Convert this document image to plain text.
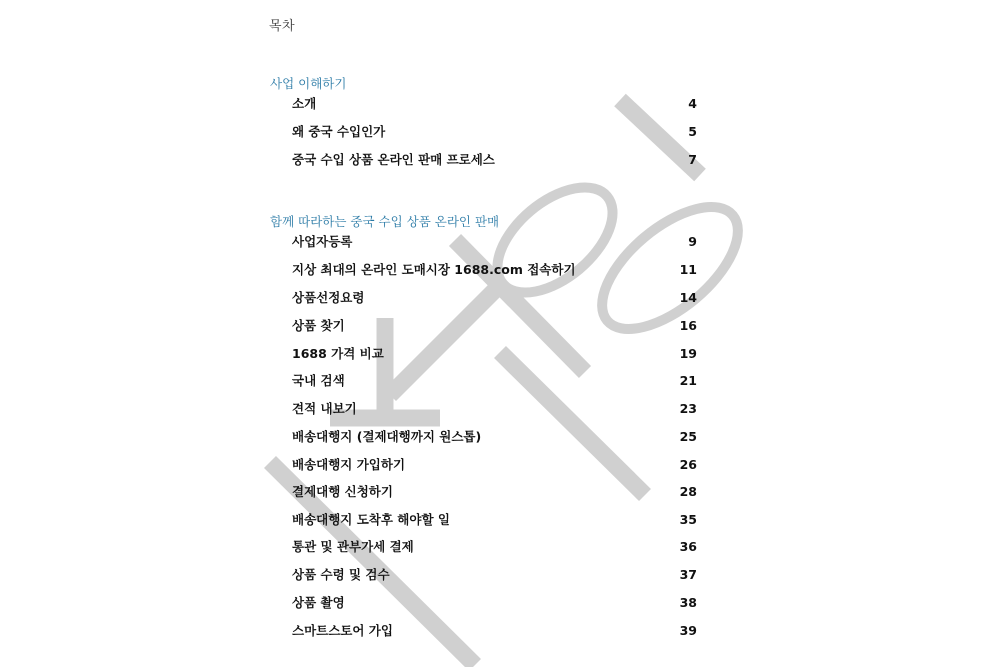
목차
사업 이해하기
소개	4
왜 중국 수입인가	5
중국 수입 상품 온라인 판매 프로세스	7
함께 따라하는 중국 수입 상품 온라인 판매
사업자등록	9
지상 최대의 온라인 도매시장 1688.com 접속하기	11
상품선정요령	14
상품 찾기	16
1688 가격 비교	19
국내 검색	21
견적 내보기	23
배송대행지 (결제대행까지 원스톱)	25
배송대행지 가입하기	26
결제대행 신청하기	28
배송대행지 도착후 해야할 일	35
통관 및 관부가세 결제	36
상품 수령 및 검수	37
상품 촬영	38
스마트스토어 가입	39
